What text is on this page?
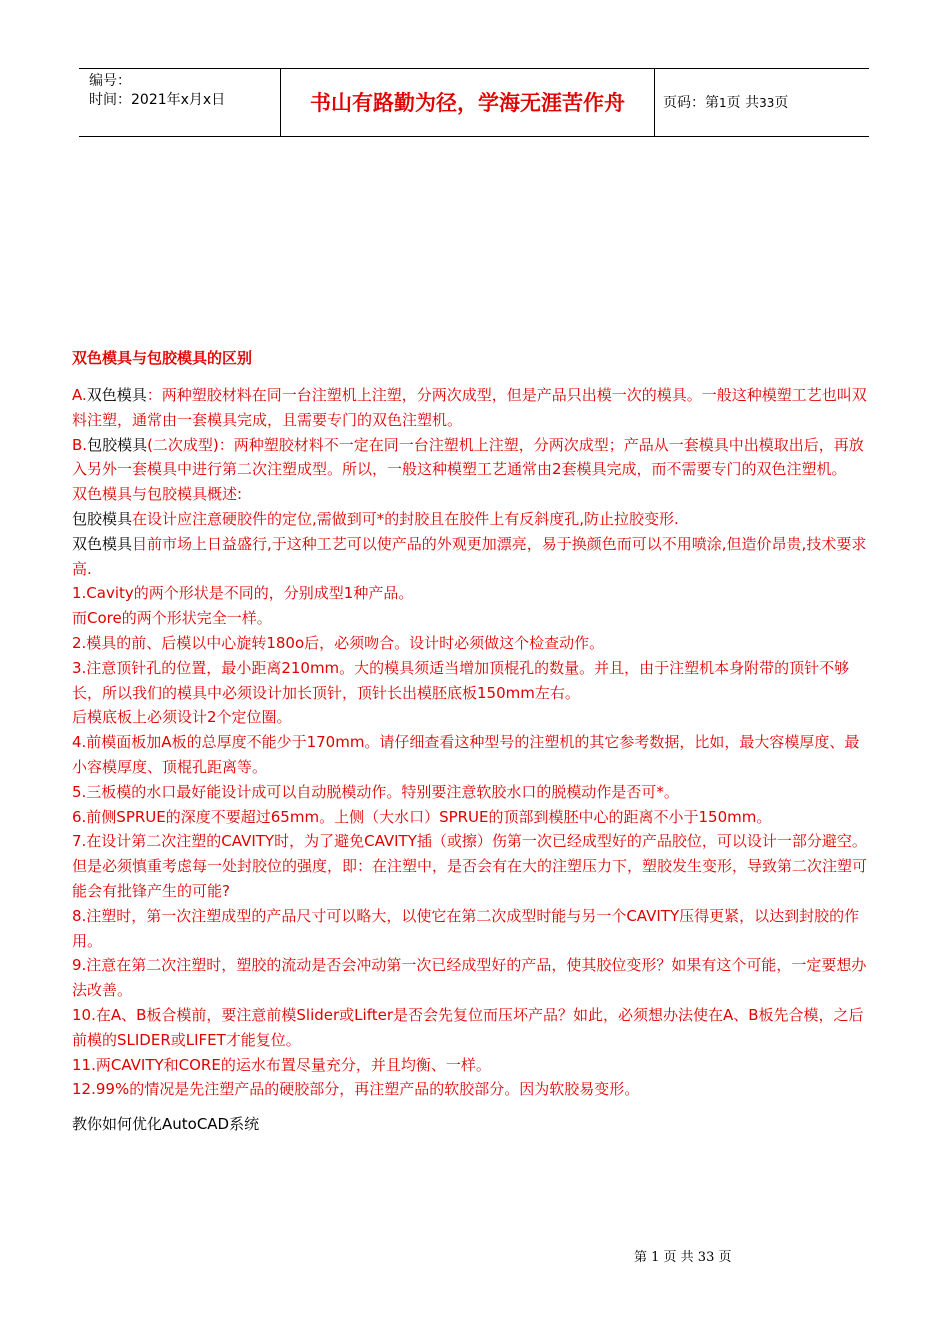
编号：
时间：2021年x月x日	书山有路勤为径，学海无涯苦作舟	页码：第1页 共33页
双色模具与包胶模具的区别

A.双色模具：两种塑胶材料在同一台注塑机上注塑，分两次成型，但是产品只出模一次的模具。一般这种模塑工艺也叫双料注塑，通常由一套模具完成，且需要专门的双色注塑机。

B.包胶模具(二次成型)：两种塑胶材料不一定在同一台注塑机上注塑，分两次成型；产品从一套模具中出模取出后，再放入另外一套模具中进行第二次注塑成型。所以，一般这种模塑工艺通常由2套模具完成，而不需要专门的双色注塑机。

双色模具与包胶模具概述:

包胶模具在设计应注意硬胶件的定位,需做到可*的封胶且在胶件上有反斜度孔,防止拉胶变形.

双色模具目前市场上日益盛行,于这种工艺可以使产品的外观更加漂亮，易于换颜色而可以不用喷涂,但造价昂贵,技术要求高.

1.Cavity的两个形状是不同的，分别成型1种产品。

而Core的两个形状完全一样。

2.模具的前、后模以中心旋转180o后，必须吻合。设计时必须做这个检查动作。

3.注意顶针孔的位置，最小距离210mm。大的模具须适当增加顶棍孔的数量。并且，由于注塑机本身附带的顶针不够长，所以我们的模具中必须设计加长顶针，顶针长出模胚底板150mm左右。

后模底板上必须设计2个定位圈。

4.前模面板加A板的总厚度不能少于170mm。请仔细查看这种型号的注塑机的其它参考数据，比如，最大容模厚度、最小容模厚度、顶棍孔距离等。

5.三板模的水口最好能设计成可以自动脱模动作。特别要注意软胶水口的脱模动作是否可*。

6.前侧SPRUE的深度不要超过65mm。上侧（大水口）SPRUE的顶部到模胚中心的距离不小于150mm。

7.在设计第二次注塑的CAVITY时，为了避免CAVITY插（或擦）伤第一次已经成型好的产品胶位，可以设计一部分避空。但是必须慎重考虑每一处封胶位的强度，即：在注塑中，是否会有在大的注塑压力下，塑胶发生变形，导致第二次注塑可能会有批锋产生的可能?

8.注塑时，第一次注塑成型的产品尺寸可以略大，以使它在第二次成型时能与另一个CAVITY压得更紧，以达到封胶的作用。

9.注意在第二次注塑时，塑胶的流动是否会冲动第一次已经成型好的产品，使其胶位变形？如果有这个可能，一定要想办法改善。

10.在A、B板合模前，要注意前模Slider或Lifter是否会先复位而压坏产品？如此，必须想办法使在A、B板先合模，之后前模的SLIDER或LIFET才能复位。

11.两CAVITY和CORE的运水布置尽量充分，并且均衡、一样。

12.99%的情况是先注塑产品的硬胶部分，再注塑产品的软胶部分。因为软胶易变形。

教你如何优化AutoCAD系统

第 1 页 共 33 页
